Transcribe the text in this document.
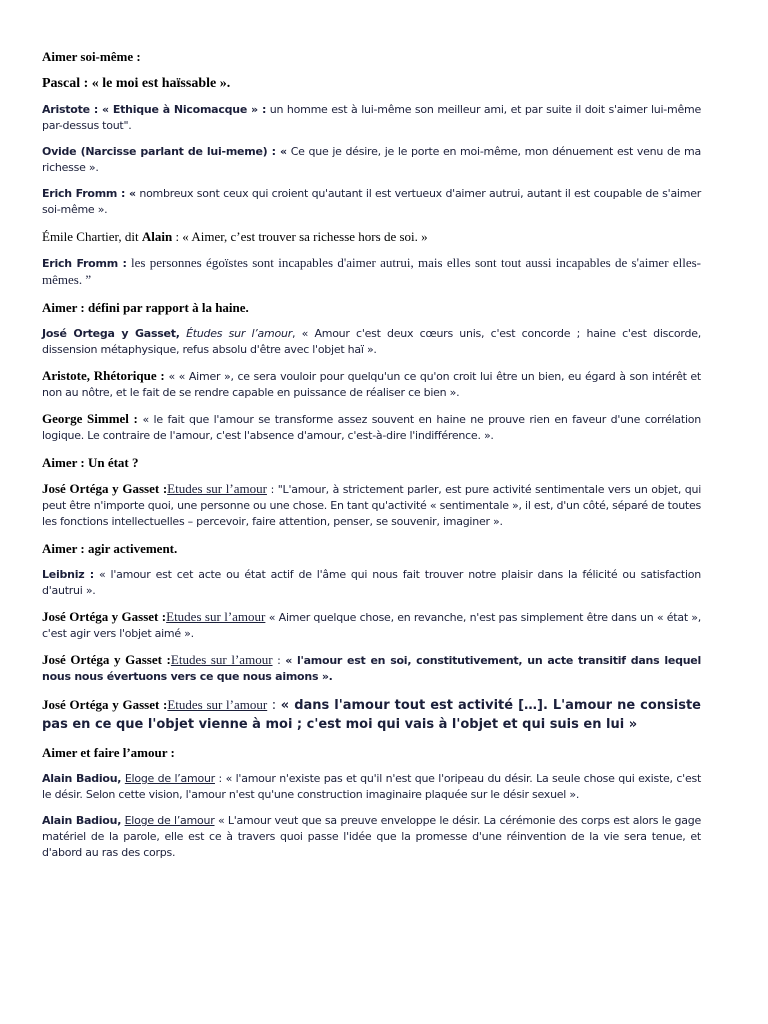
Aimer soi-même :
Pascal : « le moi est haïssable ».

Aristote : « Ethique à Nicomacque » : un homme est à lui-même son meilleur ami, et par suite il doit s'aimer lui-même par-dessus tout".

Ovide (Narcisse parlant de lui-meme) : « Ce que je désire, je le porte en moi-même, mon dénuement est venu de ma richesse ».

Erich Fromm : « nombreux sont ceux qui croient qu'autant il est vertueux d'aimer autrui, autant il est coupable de s'aimer soi-même ».

Émile Chartier, dit Alain : « Aimer, c’est trouver sa richesse hors de soi. »

Erich Fromm : les personnes égoïstes sont incapables d'aimer autrui, mais elles sont tout aussi incapables de s'aimer elles-mêmes. ”

Aimer : défini par rapport à la haine.

José Ortega y Gasset, Études sur l’amour, « Amour c'est deux cœurs unis, c'est concorde ; haine c'est discorde, dissension métaphysique, refus absolu d'être avec l'objet haï ».

Aristote, Rhétorique : « « Aimer », ce sera vouloir pour quelqu'un ce qu'on croit lui être un bien, eu égard à son intérêt et non au nôtre, et le fait de se rendre capable en puissance de réaliser ce bien ».

George Simmel : « le fait que l'amour se transforme assez souvent en haine ne prouve rien en faveur d'une corrélation logique. Le contraire de l'amour, c'est l'absence d'amour, c'est-à-dire l'indifférence. ».

Aimer : Un état ?

José Ortéga y Gasset :Etudes sur l’amour : "L'amour, à strictement parler, est pure activité sentimentale vers un objet, qui peut être n'importe quoi, une personne ou une chose. En tant qu'activité « sentimentale », il est, d'un côté, séparé de toutes les fonctions intellectuelles – percevoir, faire attention, penser, se souvenir, imaginer ».

Aimer : agir activement.

Leibniz : « l'amour est cet acte ou état actif de l'âme qui nous fait trouver notre plaisir dans la félicité ou satisfaction d'autrui ».

José Ortéga y Gasset :Etudes sur l’amour « Aimer quelque chose, en revanche, n'est pas simplement être dans un « état », c'est agir vers l'objet aimé ».

José Ortéga y Gasset :Etudes sur l’amour : « l'amour est en soi, constitutivement, un acte transitif dans lequel nous nous évertuons vers ce que nous aimons ».

José Ortéga y Gasset :Etudes sur l’amour : « dans l'amour tout est activité […]. L'amour ne consiste pas en ce que l'objet vienne à moi ; c'est moi qui vais à l'objet et qui suis en lui »

Aimer et faire l’amour :

Alain Badiou, Eloge de l’amour : « l'amour n'existe pas et qu'il n'est que l'oripeau du désir. La seule chose qui existe, c'est le désir. Selon cette vision, l'amour n'est qu'une construction imaginaire plaquée sur le désir sexuel ».

Alain Badiou, Eloge de l’amour « L'amour veut que sa preuve enveloppe le désir. La cérémonie des corps est alors le gage matériel de la parole, elle est ce à travers quoi passe l'idée que la promesse d'une réinvention de la vie sera tenue, et d'abord au ras des corps.
